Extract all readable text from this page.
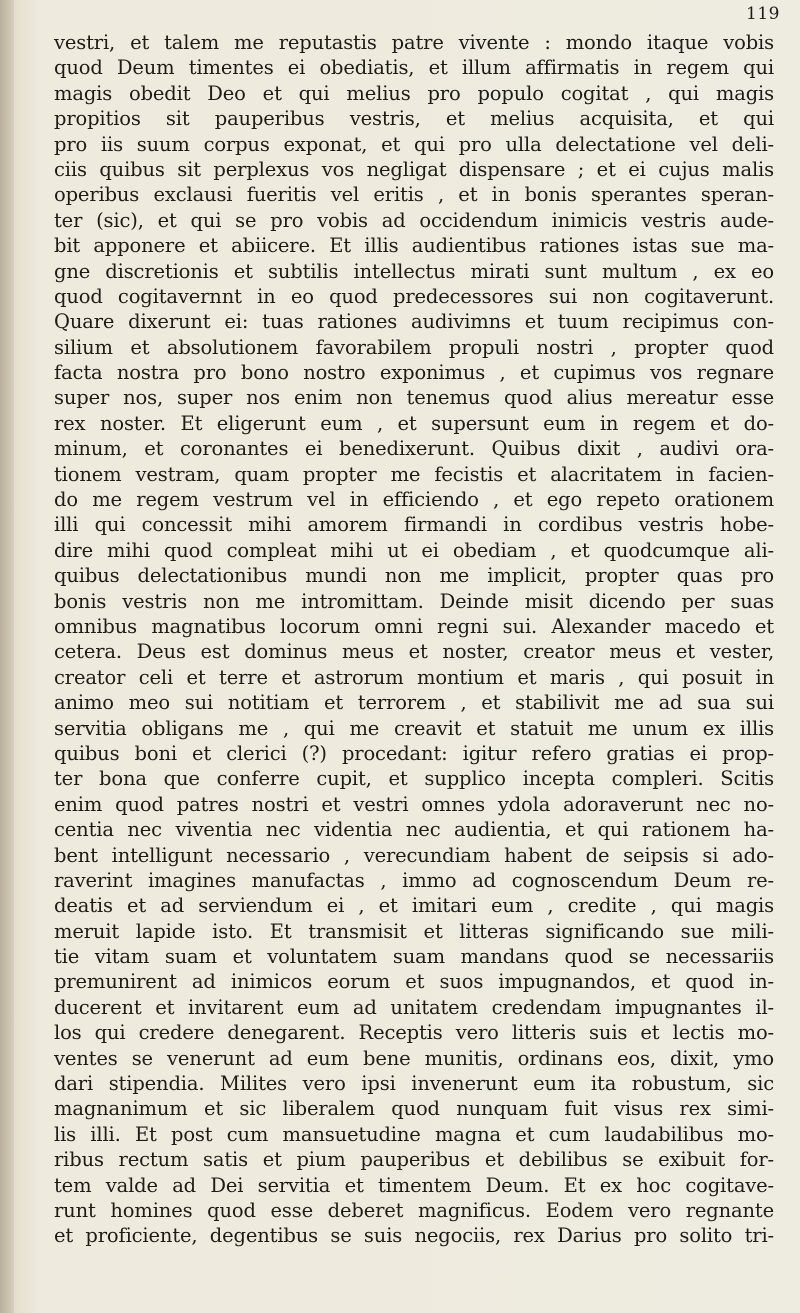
119
vestri, et talem me reputastis patre vivente : mondo itaque vobis
quod Deum timentes ei obediatis, et illum affirmatis in regem qui
magis obedit Deo et qui melius pro populo cogitat , qui magis
propitios sit pauperibus vestris, et melius acquisita, et qui
pro iis suum corpus exponat, et qui pro ulla delectatione vel deli-
ciis quibus sit perplexus vos negligat dispensare ; et ei cujus malis
operibus exclausi fueritis vel eritis , et in bonis sperantes speran-
ter (sic), et qui se pro vobis ad occidendum inimicis vestris aude-
bit apponere et abiicere. Et illis audientibus rationes istas sue ma-
gne discretionis et subtilis intellectus mirati sunt multum , ex eo
quod cogitavernnt in eo quod predecessores sui non cogitaverunt.
Quare dixerunt ei: tuas rationes audivimns et tuum recipimus con-
silium et absolutionem favorabilem propuli nostri , propter quod
facta nostra pro bono nostro exponimus , et cupimus vos regnare
super nos, super nos enim non tenemus quod alius mereatur esse
rex noster. Et eligerunt eum , et supersunt eum in regem et do-
minum, et coronantes ei benedixerunt. Quibus dixit , audivi ora-
tionem vestram, quam propter me fecistis et alacritatem in facien-
do me regem vestrum vel in efficiendo , et ego repeto orationem
illi qui concessit mihi amorem firmandi in cordibus vestris hobe-
dire mihi quod compleat mihi ut ei obediam , et quodcumque ali-
quibus delectationibus mundi non me implicit, propter quas pro
bonis vestris non me intromittam. Deinde misit dicendo per suas
omnibus magnatibus locorum omni regni sui. Alexander macedo et
cetera. Deus est dominus meus et noster, creator meus et vester,
creator celi et terre et astrorum montium et maris , qui posuit in
animo meo sui notitiam et terrorem , et stabilivit me ad sua sui
servitia obligans me , qui me creavit et statuit me unum ex illis
quibus boni et clerici (?) procedant: igitur refero gratias ei prop-
ter bona que conferre cupit, et supplico incepta compleri. Scitis
enim quod patres nostri et vestri omnes ydola adoraverunt nec no-
centia nec viventia nec videntia nec audientia, et qui rationem ha-
bent intelligunt necessario , verecundiam habent de seipsis si ado-
raverint imagines manufactas , immo ad cognoscendum Deum re-
deatis et ad serviendum ei , et imitari eum , credite , qui magis
meruit lapide isto. Et transmisit et litteras significando sue mili-
tie vitam suam et voluntatem suam mandans quod se necessariis
premunirent ad inimicos eorum et suos impugnandos, et quod in-
ducerent et invitarent eum ad unitatem credendam impugnantes il-
los qui credere denegarent. Receptis vero litteris suis et lectis mo-
ventes se venerunt ad eum bene munitis, ordinans eos, dixit, ymo
dari stipendia. Milites vero ipsi invenerunt eum ita robustum, sic
magnanimum et sic liberalem quod nunquam fuit visus rex simi-
lis illi. Et post cum mansuetudine magna et cum laudabilibus mo-
ribus rectum satis et pium pauperibus et debilibus se exibuit for-
tem valde ad Dei servitia et timentem Deum. Et ex hoc cogitave-
runt homines quod esse deberet magnificus. Eodem vero regnante
et proficiente, degentibus se suis negociis, rex Darius pro solito tri-
